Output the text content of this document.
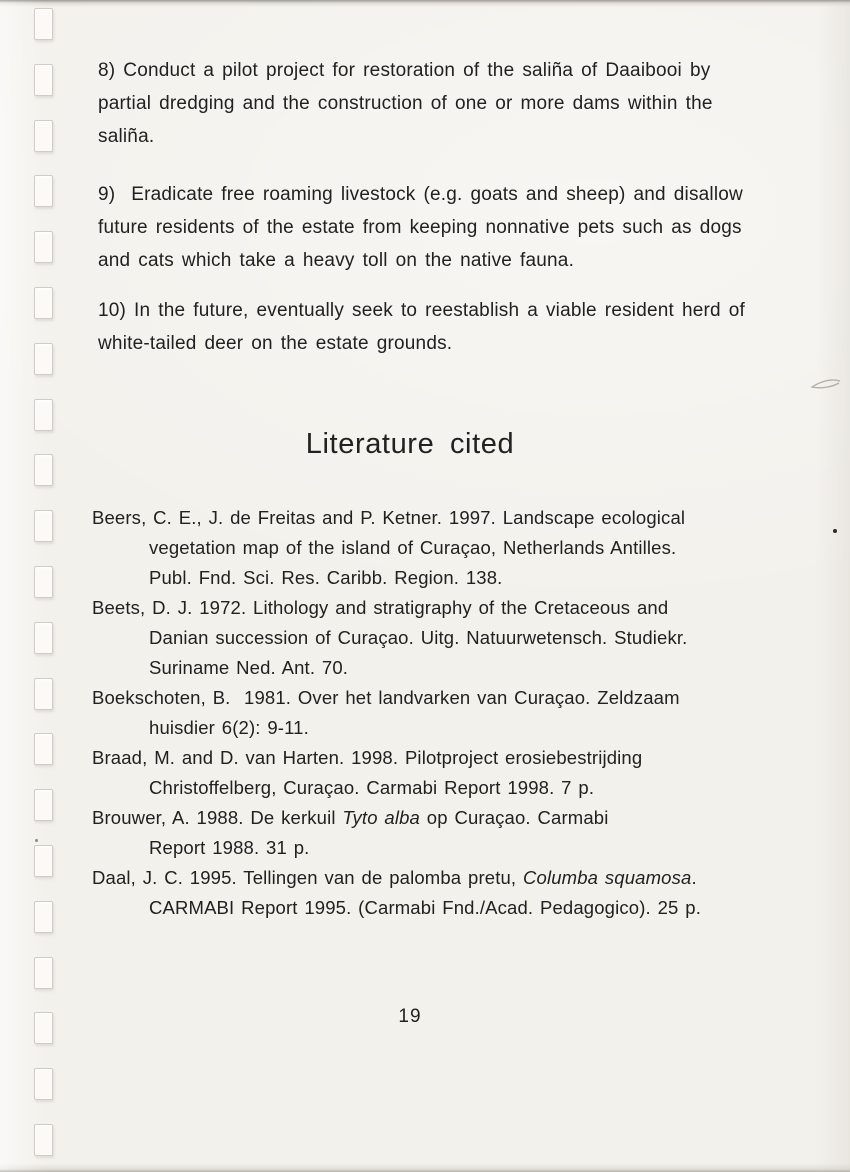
8) Conduct a pilot project for restoration of the saliña of Daaibooi by
partial dredging and the construction of one or more dams within the
saliña.
9)  Eradicate free roaming livestock (e.g. goats and sheep) and disallow
future residents of the estate from keeping nonnative pets such as dogs
and cats which take a heavy toll on the native fauna.
10) In the future, eventually seek to reestablish a viable resident herd of
white-tailed deer on the estate grounds.
Literature cited
Beers, C. E., J. de Freitas and P. Ketner. 1997. Landscape ecological
vegetation map of the island of Curaçao, Netherlands Antilles.
Publ. Fnd. Sci. Res. Caribb. Region. 138.
Beets, D. J. 1972. Lithology and stratigraphy of the Cretaceous and
Danian succession of Curaçao. Uitg. Natuurwetensch. Studiekr.
Suriname Ned. Ant. 70.
Boekschoten, B.  1981. Over het landvarken van Curaçao. Zeldzaam
huisdier 6(2): 9-11.
Braad, M. and D. van Harten. 1998. Pilotproject erosiebestrijding
Christoffelberg, Curaçao. Carmabi Report 1998. 7 p.
Brouwer, A. 1988. De kerkuil Tyto alba op Curaçao. Carmabi
Report 1988. 31 p.
Daal, J. C. 1995. Tellingen van de palomba pretu, Columba squamosa.
CARMABI Report 1995. (Carmabi Fnd./Acad. Pedagogico). 25 p.
19
